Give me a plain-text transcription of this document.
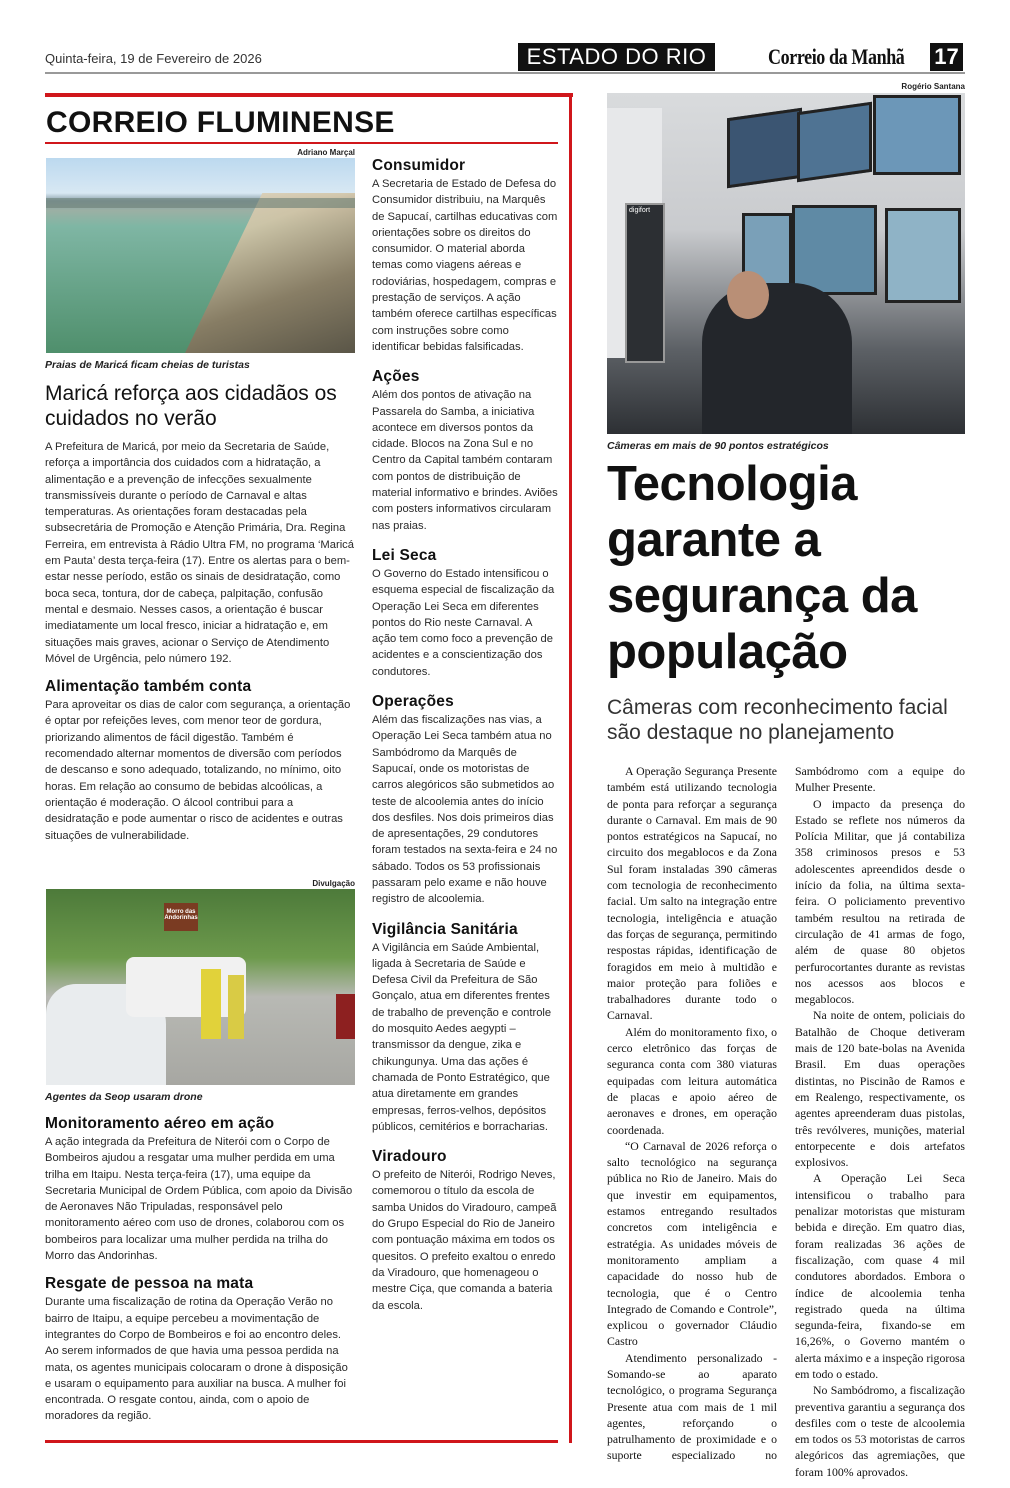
Quinta-feira, 19 de Fevereiro de 2026	ESTADO DO RIO	Correio da Manhã 17
CORREIO FLUMINENSE
Adriano Marçal
Praias de Maricá ficam cheias de turistas
Maricá reforça aos cidadãos os cuidados no verão

A Prefeitura de Maricá, por meio da Secretaria de Saúde, reforça a importância dos cuidados com a hidratação, a alimentação e a prevenção de infecções sexualmente transmissíveis durante o período de Carnaval e altas temperaturas. As orientações foram destacadas pela subsecretária de Promoção e Atenção Primária, Dra. Regina Ferreira, em entrevista à Rádio Ultra FM, no programa ‘Maricá em Pauta’ desta terça-feira (17). Entre os alertas para o bem-estar nesse período, estão os sinais de desidratação, como boca seca, tontura, dor de cabeça, palpitação, confusão mental e desmaio. Nesses casos, a orientação é buscar imediatamente um local fresco, iniciar a hidratação e, em situações mais graves, acionar o Serviço de Atendimento Móvel de Urgência, pelo número 192.

Alimentação também conta

Para aproveitar os dias de calor com segurança, a orientação é optar por refeições leves, com menor teor de gordura, priorizando alimentos de fácil digestão. Também é recomendado alternar momentos de diversão com períodos de descanso e sono adequado, totalizando, no mínimo, oito horas. Em relação ao consumo de bebidas alcoólicas, a orientação é moderação. O álcool contribui para a desidratação e pode aumentar o risco de acidentes e outras situações de vulnerabilidade.

Divulgação
Morro das Andorinhas
Agentes da Seop usaram drone
Monitoramento aéreo em ação

A ação integrada da Prefeitura de Niterói com o Corpo de Bombeiros ajudou a resgatar uma mulher perdida em uma trilha em Itaipu. Nesta terça-feira (17), uma equipe da Secretaria Municipal de Ordem Pública, com apoio da Divisão de Aeronaves Não Tripuladas, responsável pelo monitoramento aéreo com uso de drones, colaborou com os bombeiros para localizar uma mulher perdida na trilha do Morro das Andorinhas.

Resgate de pessoa na mata

Durante uma fiscalização de rotina da Operação Verão no bairro de Itaipu, a equipe percebeu a movimentação de integrantes do Corpo de Bombeiros e foi ao encontro deles. Ao serem informados de que havia uma pessoa perdida na mata, os agentes municipais colocaram o drone à disposição e usaram o equipamento para auxiliar na busca. A mulher foi encontrada. O resgate contou, ainda, com o apoio de moradores da região.

Consumidor

A Secretaria de Estado de Defesa do Consumidor distribuiu, na Marquês de Sapucaí, cartilhas educativas com orientações sobre os direitos do consumidor. O material aborda temas como viagens aéreas e rodoviárias, hospedagem, compras e prestação de serviços. A ação também oferece cartilhas específicas com instruções sobre como identificar bebidas falsificadas.

Ações

Além dos pontos de ativação na Passarela do Samba, a iniciativa acontece em diversos pontos da cidade. Blocos na Zona Sul e no Centro da Capital também contaram com pontos de distribuição de material informativo e brindes. Aviões com posters informativos circularam nas praias.

Lei Seca

O Governo do Estado intensificou o esquema especial de fiscalização da Operação Lei Seca em diferentes pontos do Rio neste Carnaval. A ação tem como foco a prevenção de acidentes e a conscientização dos condutores.

Operações

Além das fiscalizações nas vias, a Operação Lei Seca também atua no Sambódromo da Marquês de Sapucaí, onde os motoristas de carros alegóricos são submetidos ao teste de alcoolemia antes do início dos desfiles. Nos dois primeiros dias de apresentações, 29 condutores foram testados na sexta-feira e 24 no sábado. Todos os 53 profissionais passaram pelo exame e não houve registro de alcoolemia.

Vigilância Sanitária

A Vigilância em Saúde Ambiental, ligada à Secretaria de Saúde e Defesa Civil da Prefeitura de São Gonçalo, atua em diferentes frentes de trabalho de prevenção e controle do mosquito Aedes aegypti – transmissor da dengue, zika e chikungunya. Uma das ações é chamada de Ponto Estratégico, que atua diretamente em grandes empresas, ferros-velhos, depósitos públicos, cemitérios e borracharias.

Viradouro

O prefeito de Niterói, Rodrigo Neves, comemorou o título da escola de samba Unidos do Viradouro, campeã do Grupo Especial do Rio de Janeiro com pontuação máxima em todos os quesitos. O prefeito exaltou o enredo da Viradouro, que homenageou o mestre Ciça, que comanda a bateria da escola.

Rogério Santana
digifort
Câmeras em mais de 90 pontos estratégicos
Tecnologia garante a segurança da população
Câmeras com reconhecimento facial são destaque no planejamento

A Operação Segurança Presente também está utilizando tecnologia de ponta para reforçar a segurança durante o Carnaval. Em mais de 90 pontos estratégicos na Sapucaí, no circuito dos megablocos e da Zona Sul foram instaladas 390 câmeras com tecnologia de reconhecimento facial. Um salto na integração entre tecnologia, inteligência e atuação das forças de segurança, permitindo respostas rápidas, identificação de foragidos em meio à multidão e maior proteção para foliões e trabalhadores durante todo o Carnaval.

Além do monitoramento fixo, o cerco eletrônico das forças de seguranca conta com 380 viaturas equipadas com leitura automática de placas e apoio aéreo de aeronaves e drones, em operação coordenada.

“O Carnaval de 2026 reforça o salto tecnológico na segurança pública no Rio de Janeiro. Mais do que investir em equipamentos, estamos entregando resultados concretos com inteligência e estratégia. As unidades móveis de monitoramento ampliam a capacidade do nosso hub de tecnologia, que é o Centro Integrado de Comando e Controle”, explicou o governador Cláudio Castro

Atendimento personalizado - Somando-se ao aparato tecnológico, o programa Segurança Presente atua com mais de 1 mil agentes, reforçando o patrulhamento de proximidade e o suporte especializado no Sambódromo com a equipe do Mulher Presente.

O impacto da presença do Estado se reflete nos números da Polícia Militar, que já contabiliza 358 criminosos presos e 53 adolescentes apreendidos desde o início da folia, na última sexta-feira. O policiamento preventivo também resultou na retirada de circulação de 41 armas de fogo, além de quase 80 objetos perfurocortantes durante as revistas nos acessos aos blocos e megablocos.

Na noite de ontem, policiais do Batalhão de Choque detiveram mais de 120 bate-bolas na Avenida Brasil. Em duas operações distintas, no Piscinão de Ramos e em Realengo, respectivamente, os agentes apreenderam duas pistolas, três revólveres, munições, material entorpecente e dois artefatos explosivos.

A Operação Lei Seca intensificou o trabalho para penalizar motoristas que misturam bebida e direção. Em quatro dias, foram realizadas 36 ações de fiscalização, com quase 4 mil condutores abordados. Embora o índice de alcoolemia tenha registrado queda na última segunda-feira, fixando-se em 16,26%, o Governo mantém o alerta máximo e a inspeção rigorosa em todo o estado.

No Sambódromo, a fiscalização preventiva garantiu a segurança dos desfiles com o teste de alcoolemia em todos os 53 motoristas de carros alegóricos das agremiações, que foram 100% aprovados.
